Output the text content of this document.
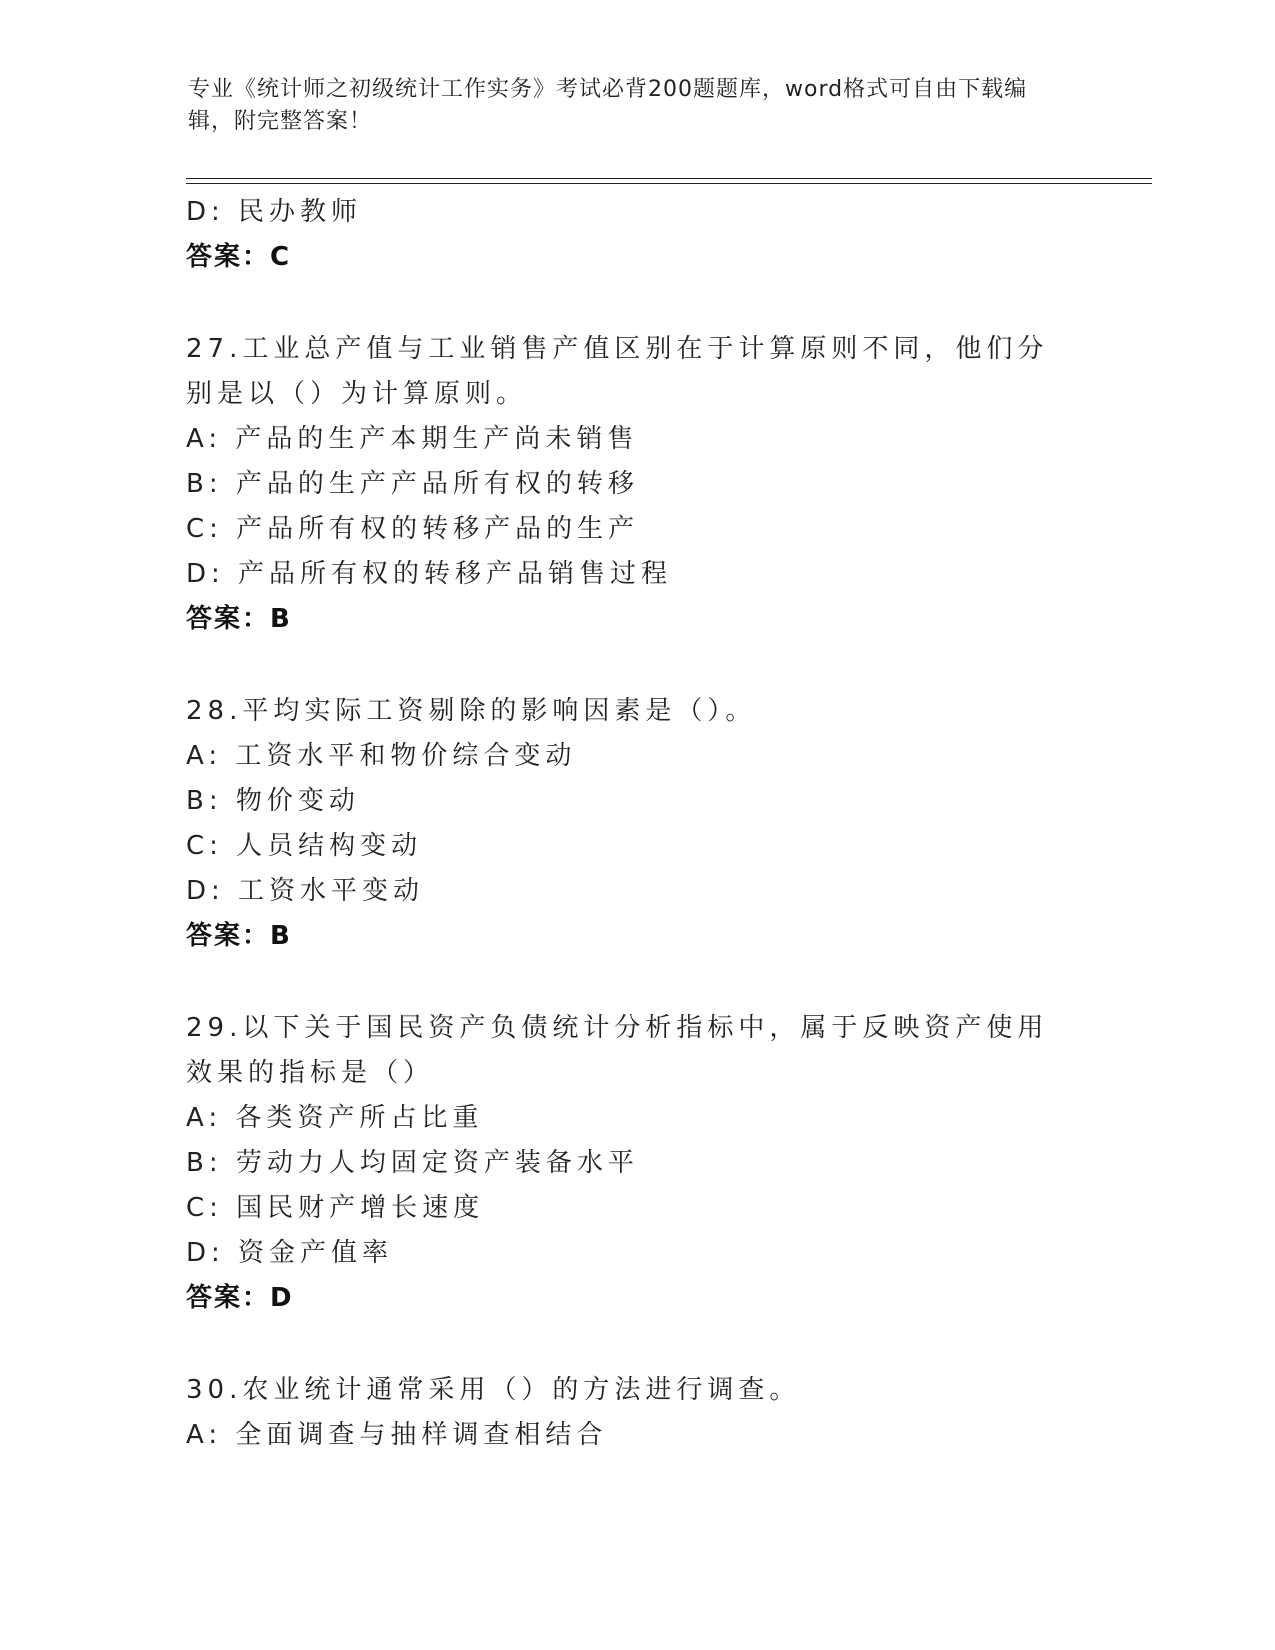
专业《统计师之初级统计工作实务》考试必背200题题库，word格式可自由下载编辑，附完整答案！
D: 民办教师
答案：C
27.工业总产值与工业销售产值区别在于计算原则不同，他们分别是以（）为计算原则。
A: 产品的生产本期生产尚未销售
B: 产品的生产产品所有权的转移
C: 产品所有权的转移产品的生产
D: 产品所有权的转移产品销售过程
答案：B
28.平均实际工资剔除的影响因素是（）。
A: 工资水平和物价综合变动
B: 物价变动
C: 人员结构变动
D: 工资水平变动
答案：B
29.以下关于国民资产负债统计分析指标中，属于反映资产使用效果的指标是（）
A: 各类资产所占比重
B: 劳动力人均固定资产装备水平
C: 国民财产增长速度
D: 资金产值率
答案：D
30.农业统计通常采用（）的方法进行调查。
A: 全面调查与抽样调查相结合
